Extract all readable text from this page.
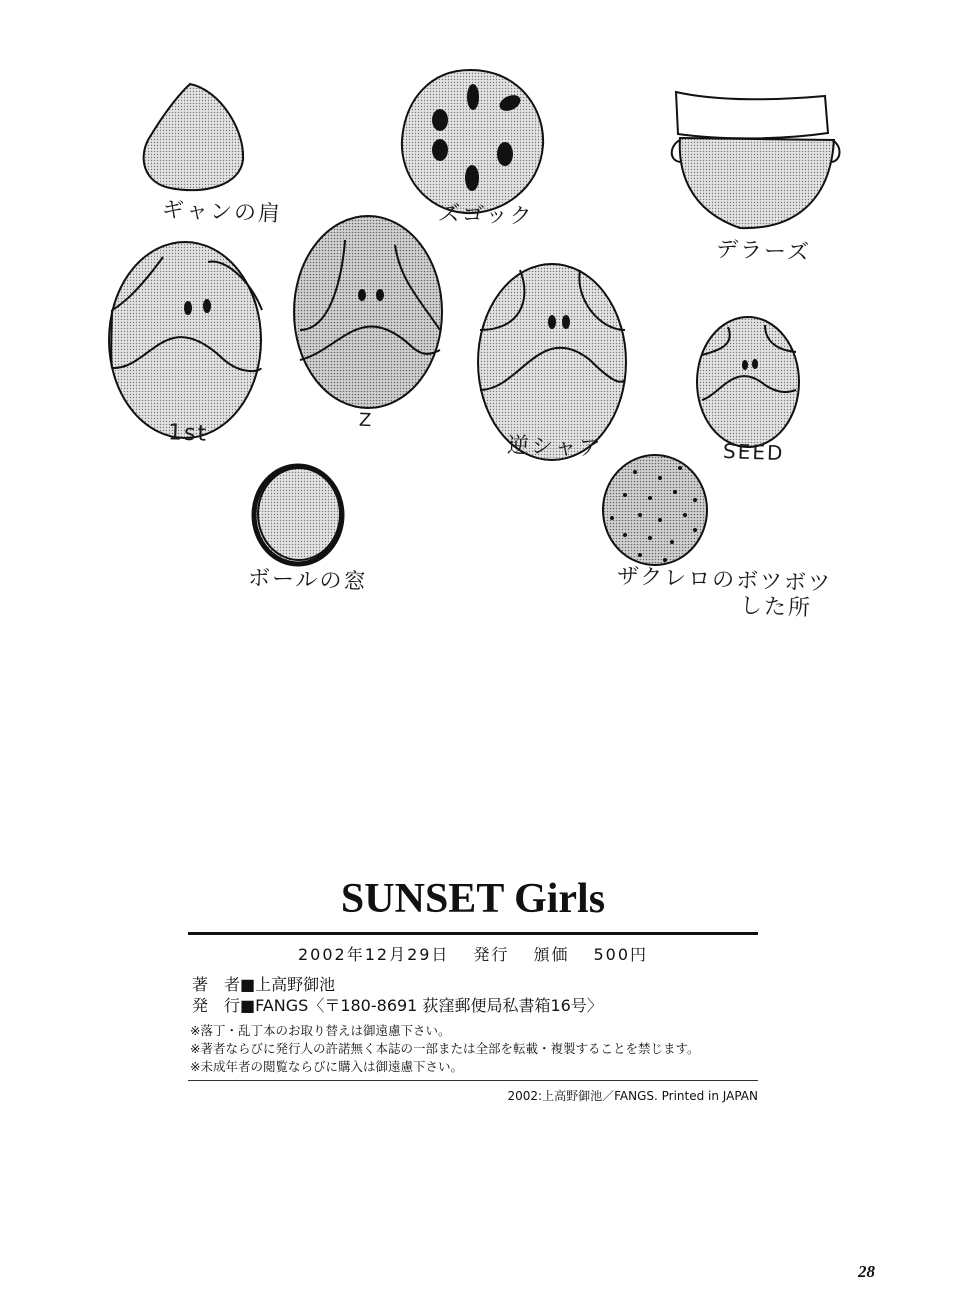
ギャンの肩	ズゴック
デラーズ
1st	Z
逆シャア	SEED
ボールの窓	ザクレロのボツボツ
した所
SUNSET Girls
2002年12月29日 発行 頒価 500円
著　者■上高野御池
発　行■FANGS〈〒180-8691 荻窪郵便局私書箱16号〉
※落丁・乱丁本のお取り替えは御遠慮下さい。
※著者ならびに発行人の許諾無く本誌の一部または全部を転載・複製することを禁じます。
※未成年者の閲覧ならびに購入は御遠慮下さい。
2002:上高野御池／FANGS. Printed in JAPAN
28
